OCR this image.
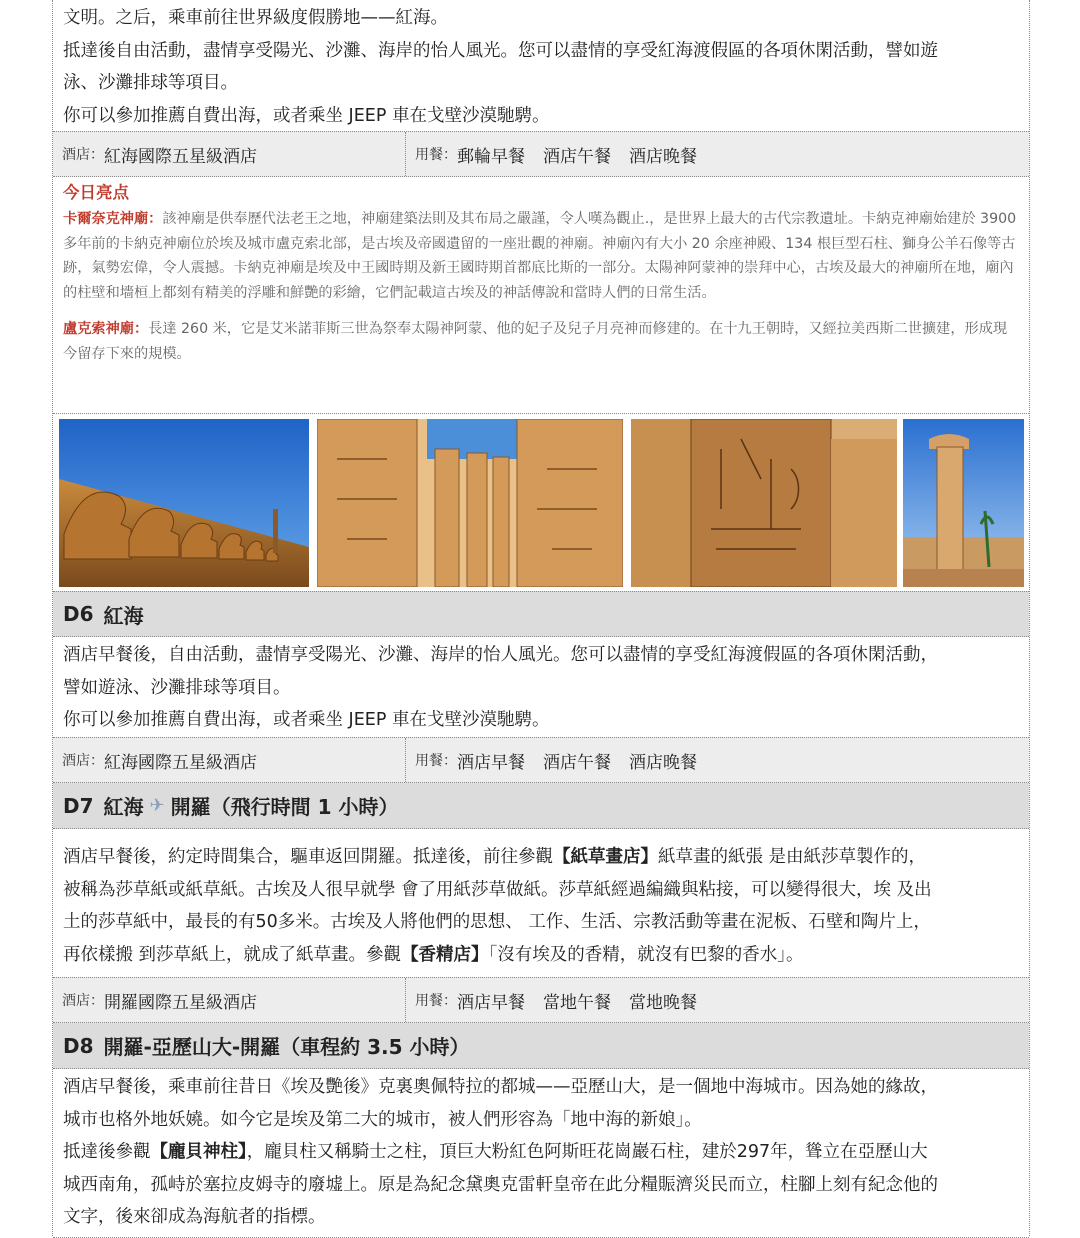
文明。之后，乘車前往世界級度假勝地——紅海。

抵達後自由活動，盡情享受陽光、沙灘、海岸的怡人風光。您可以盡情的享受紅海渡假區的各項休閑活動，譬如遊

泳、沙灘排球等項目。

你可以參加推薦自費出海，或者乘坐 JEEP 車在戈壁沙漠馳騁。

酒店： 紅海國際五星級酒店	用餐： 郵輪早餐 酒店午餐 酒店晚餐
今日亮点
卡爾奈克神廟：該神廟是供奉歷代法老王之地，神廟建築法則及其布局之嚴謹，令人嘆為觀止.，是世界上最大的古代宗教遺址。卡納克神廟始建於 3900 多年前的卡納克神廟位於埃及城市盧克索北部，是古埃及帝國遺留的一座壯觀的神廟。神廟內有大小 20 余座神殿、134 根巨型石柱、獅身公羊石像等古跡，氣勢宏偉，令人震撼。卡納克神廟是埃及中王國時期及新王國時期首都底比斯的一部分。太陽神阿蒙神的崇拜中心，古埃及最大的神廟所在地，廟內的柱壁和墻桓上都刻有精美的浮雕和鮮艷的彩繪，它們記載這古埃及的神話傳說和當時人們的日常生活。
盧克索神廟：長達 260 米，它是艾米諾菲斯三世為祭奉太陽神阿蒙、他的妃子及兒子月亮神而修建的。在十九王朝時，又經拉美西斯二世擴建，形成現今留存下來的規模。
D6 紅海

酒店早餐後，自由活動，盡情享受陽光、沙灘、海岸的怡人風光。您可以盡情的享受紅海渡假區的各項休閑活動，

譬如遊泳、沙灘排球等項目。

你可以參加推薦自費出海，或者乘坐 JEEP 車在戈壁沙漠馳騁。

酒店： 紅海國際五星級酒店	用餐： 酒店早餐 酒店午餐 酒店晚餐
D7 紅海 ✈ 開羅（飛行時間 1 小時）

酒店早餐後，約定時間集合，驅車返回開羅。抵達後，前往參觀【紙草畫店】紙草畫的紙張 是由紙莎草製作的，

被稱為莎草紙或紙草紙。古埃及人很早就學 會了用紙莎草做紙。莎草紙經過編織與粘接，可以變得很大，埃 及出

土的莎草紙中，最長的有50多米。古埃及人將他們的思想、 工作、生活、宗教活動等畫在泥板、石壁和陶片上，

再依樣搬 到莎草紙上，就成了紙草畫。參觀【香精店】「沒有埃及的香精，就沒有巴黎的香水」。

酒店： 開羅國際五星級酒店	用餐： 酒店早餐 當地午餐 當地晚餐
D8 開羅-亞歷山大-開羅（車程約 3.5 小時）

酒店早餐後，乘車前往昔日《埃及艷後》克裏奧佩特拉的都城——亞歷山大，是一個地中海城市。因為她的緣故，

城市也格外地妖嬈。如今它是埃及第二大的城市，被人們形容為「地中海的新娘」。

抵達後參觀【龐貝神柱】，龐貝柱又稱騎士之柱，頂巨大粉紅色阿斯旺花崗巖石柱，建於297年，聳立在亞歷山大

城西南角，孤峙於塞拉皮姆寺的廢墟上。原是為紀念黛奧克雷軒皇帝在此分糧賑濟災民而立，柱腳上刻有紀念他的

文字，後來卻成為海航者的指標。
